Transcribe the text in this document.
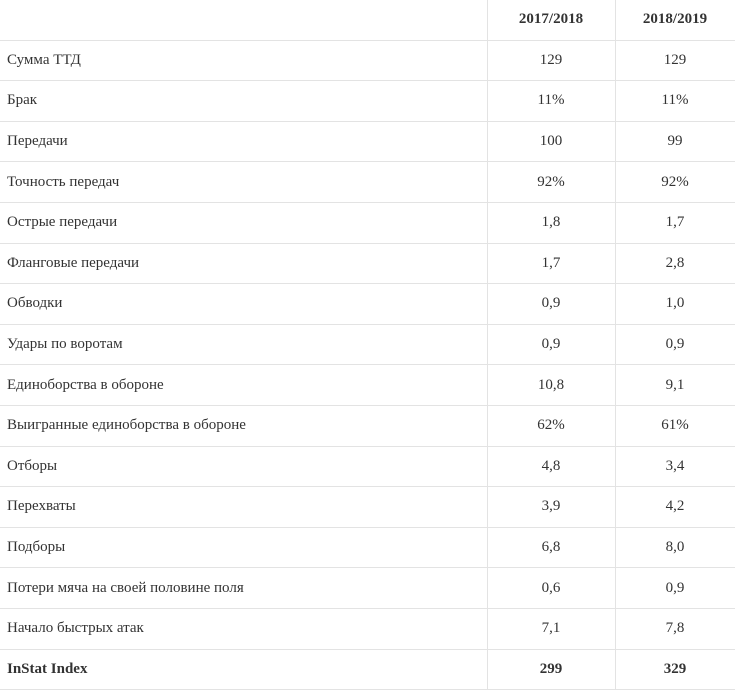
	2017/2018	2018/2019
Сумма ТТД	129	129
Брак	11%	11%
Передачи	100	99
Точность передач	92%	92%
Острые передачи	1,8	1,7
Фланговые передачи	1,7	2,8
Обводки	0,9	1,0
Удары по воротам	0,9	0,9
Единоборства в обороне	10,8	9,1
Выигранные единоборства в обороне	62%	61%
Отборы	4,8	3,4
Перехваты	3,9	4,2
Подборы	6,8	8,0
Потери мяча на своей половине поля	0,6	0,9
Начало быстрых атак	7,1	7,8
InStat Index	299	329
